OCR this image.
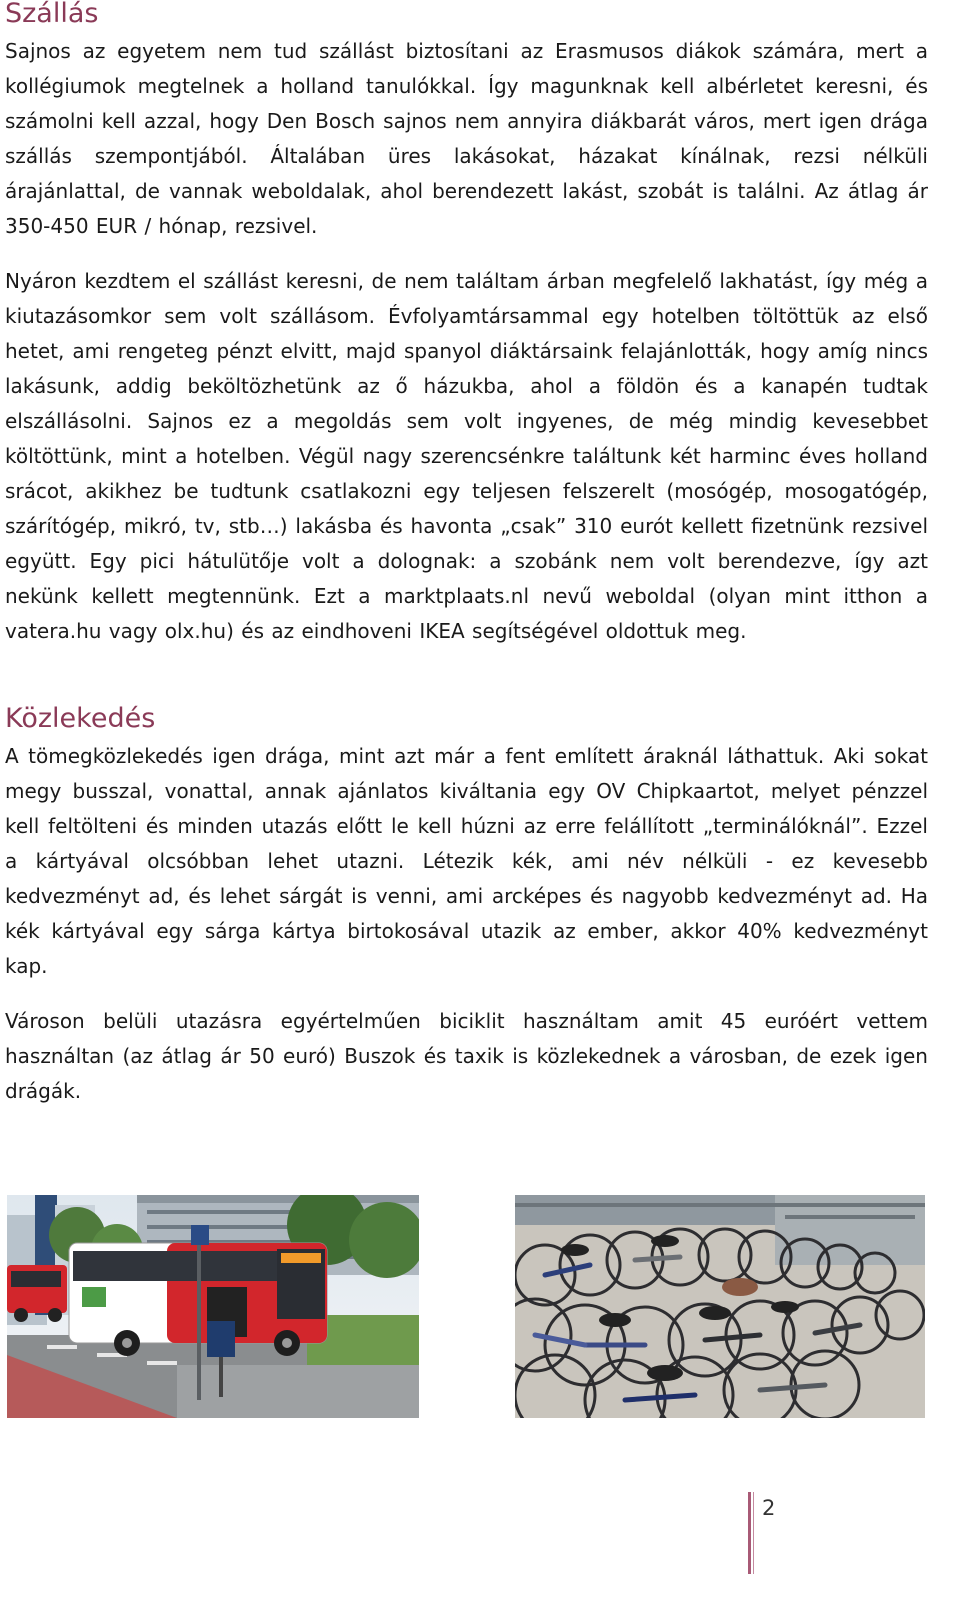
Szállás

Sajnos az egyetem nem tud szállást biztosítani az Erasmusos diákok számára, mert a kollégiumok megtelnek a holland tanulókkal. Így magunknak kell albérletet keresni, és számolni kell azzal, hogy Den Bosch sajnos nem annyira diákbarát város, mert igen drága szállás szempontjából. Általában üres lakásokat, házakat kínálnak, rezsi nélküli árajánlattal, de vannak weboldalak, ahol berendezett lakást, szobát is találni. Az átlag ár 350-450 EUR / hónap, rezsivel.

Nyáron kezdtem el szállást keresni, de nem találtam árban megfelelő lakhatást, így még a kiutazásomkor sem volt szállásom. Évfolyamtársammal egy hotelben töltöttük az első hetet, ami rengeteg pénzt elvitt, majd spanyol diáktársaink felajánlották, hogy amíg nincs lakásunk, addig beköltözhetünk az ő házukba, ahol a földön és a kanapén tudtak elszállásolni. Sajnos ez a megoldás sem volt ingyenes, de még mindig kevesebbet költöttünk, mint a hotelben. Végül nagy szerencsénkre találtunk két harminc éves holland srácot, akikhez be tudtunk csatlakozni egy teljesen felszerelt (mosógép, mosogatógép, szárítógép, mikró, tv, stb…) lakásba és havonta „csak” 310 eurót kellett fizetnünk rezsivel együtt. Egy pici hátulütője volt a dolognak: a szobánk nem volt berendezve, így azt nekünk kellett megtennünk. Ezt a marktplaats.nl nevű weboldal (olyan mint itthon a vatera.hu vagy olx.hu) és az eindhoveni IKEA segítségével oldottuk meg.

Közlekedés

A tömegközlekedés igen drága, mint azt már a fent említett áraknál láthattuk. Aki sokat megy busszal, vonattal, annak ajánlatos kiváltania egy OV Chipkaartot, melyet pénzzel kell feltölteni és minden utazás előtt le kell húzni az erre felállított „terminálóknál”. Ezzel a kártyával olcsóbban lehet utazni. Létezik kék, ami név nélküli - ez kevesebb kedvezményt ad, és lehet sárgát is venni, ami arcképes és nagyobb kedvezményt ad. Ha kék kártyával egy sárga kártya birtokosával utazik az ember, akkor 40% kedvezményt kap.

Városon belüli utazásra egyértelműen biciklit használtam amit 45 euróért vettem használtan (az átlag ár 50 euró) Buszok és taxik is közlekednek a városban, de ezek igen drágák.

2
